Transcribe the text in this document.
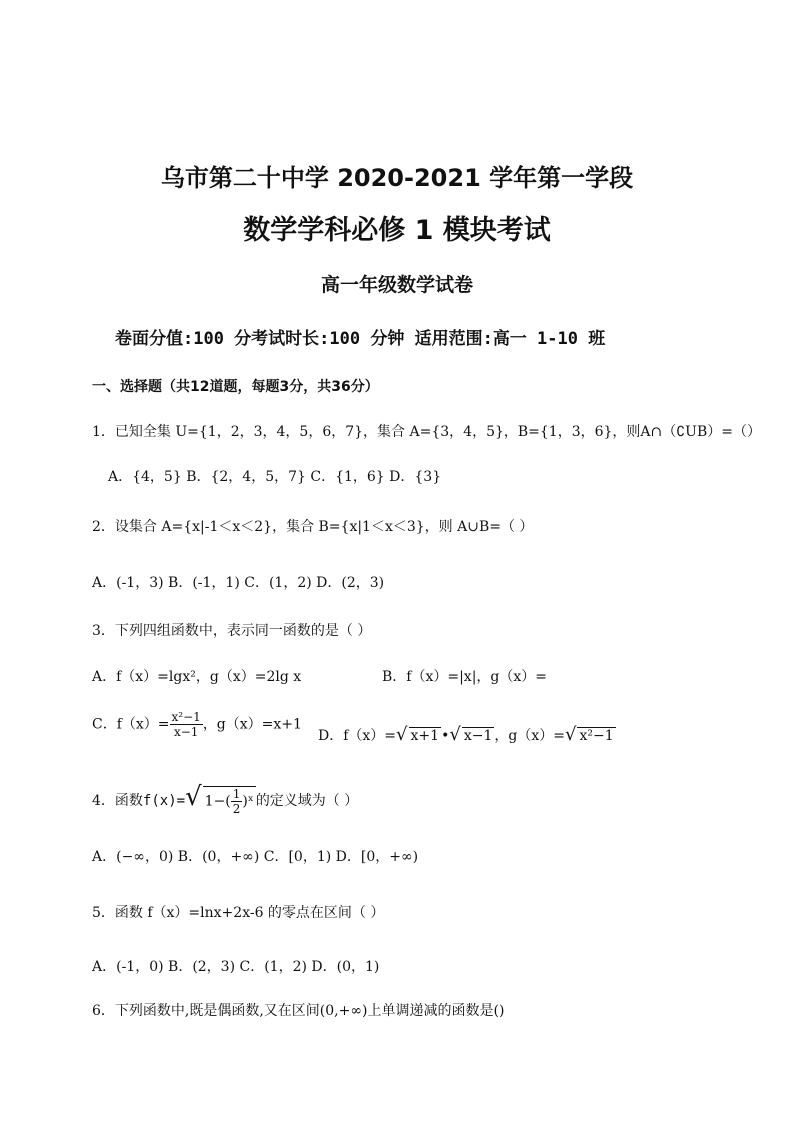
乌市第二十中学 2020-2021 学年第一学段
数学学科必修 1 模块考试
高一年级数学试卷
卷面分值:100 分考试时长:100 分钟 适用范围:高一 1-10 班
一、选择题（共12道题，每题3分，共36分）
1．已知全集 U={1，2，3，4，5，6，7}，集合 A={3，4，5}，B={1，3，6}，则A∩（∁UB）=（）
A．{4，5} B．{2，4，5，7} C．{1，6} D．{3}
2．设集合 A={x|-1＜x＜2}，集合 B={x|1＜x＜3}，则 A∪B=（ ）
A．(-1，3) B．(-1，1) C．(1，2) D．(2，3)
3．下列四组函数中，表示同一函数的是（ ）
A．f（x）=lgx²，g（x）=2lg x	B．f（x）=|x|，g（x）=
C．$f(x)= \frac{\text{x²−1}}{x-1}$ ，g（x）=x+1
D．f（x）=√ x+1 •√ x−1 ，g（x）=√ x²−1
4．函数f(x)=√ $1-( \frac{1}{2}$ )ˣ 的定义域为（ ）
A．(−∞，0) B．(0，+∞) C．[0，1) D．[0，+∞)
5．函数 f（x）=lnx+2x-6 的零点在区间（ ）
A．(-1，0) B．(2，3) C．(1，2) D．(0，1)
6．下列函数中,既是偶函数,又在区间(0,+∞)上单调递减的函数是()
